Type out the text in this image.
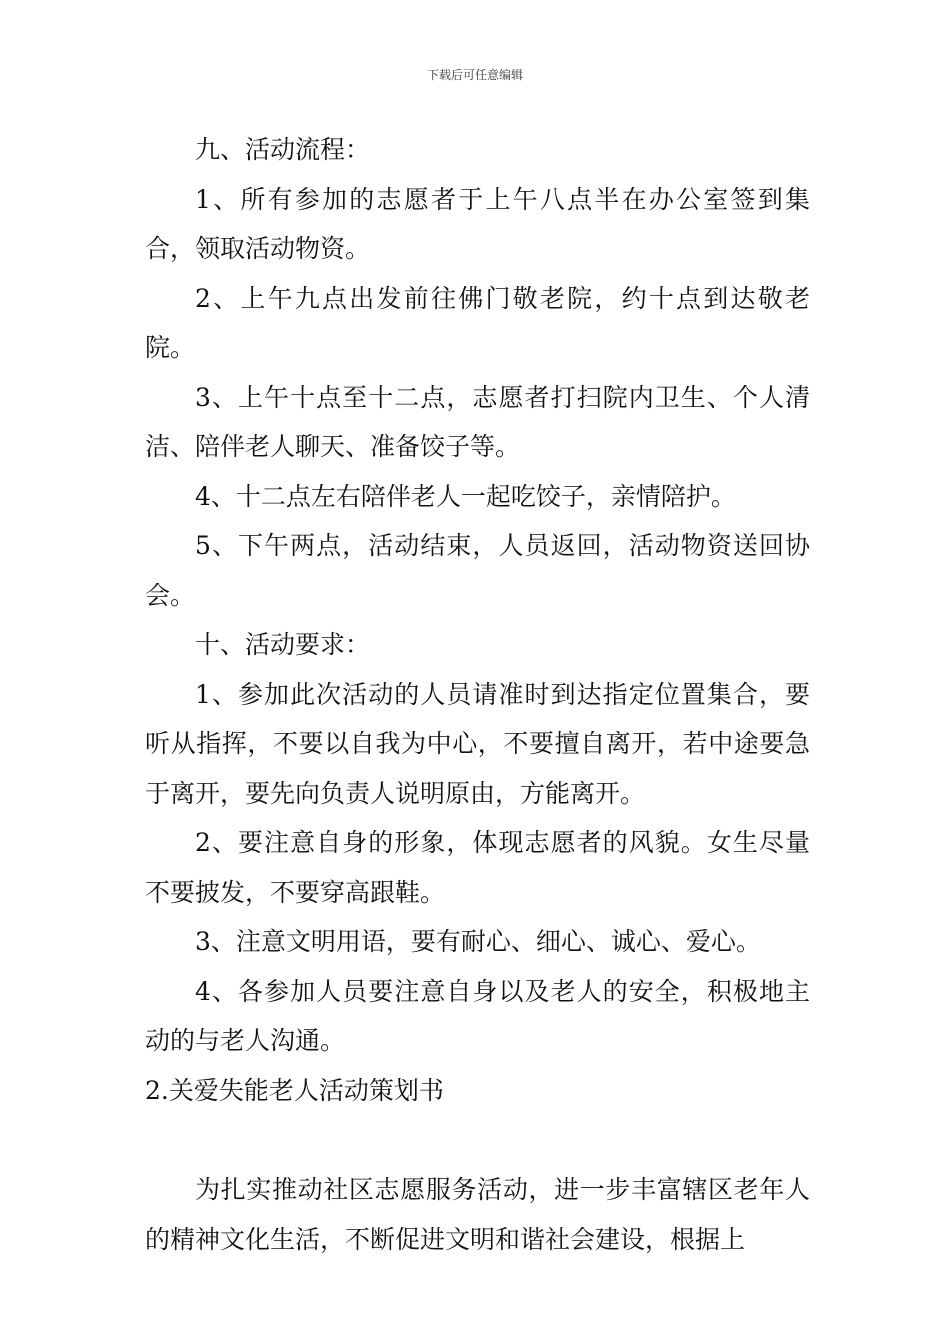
下载后可任意编辑

九、活动流程：

1、所有参加的志愿者于上午八点半在办公室签到集合，领取活动物资。

2、上午九点出发前往佛门敬老院，约十点到达敬老院。

3、上午十点至十二点，志愿者打扫院内卫生、个人清洁、陪伴老人聊天、准备饺子等。

4、十二点左右陪伴老人一起吃饺子，亲情陪护。

5、下午两点，活动结束，人员返回，活动物资送回协会。

十、活动要求：

1、参加此次活动的人员请准时到达指定位置集合，要听从指挥，不要以自我为中心，不要擅自离开，若中途要急于离开，要先向负责人说明原由，方能离开。

2、要注意自身的形象，体现志愿者的风貌。女生尽量不要披发，不要穿高跟鞋。

3、注意文明用语，要有耐心、细心、诚心、爱心。

4、各参加人员要注意自身以及老人的安全，积极地主动的与老人沟通。

2.关爱失能老人活动策划书

为扎实推动社区志愿服务活动，进一步丰富辖区老年人的精神文化生活，不断促进文明和谐社会建设，根据上
